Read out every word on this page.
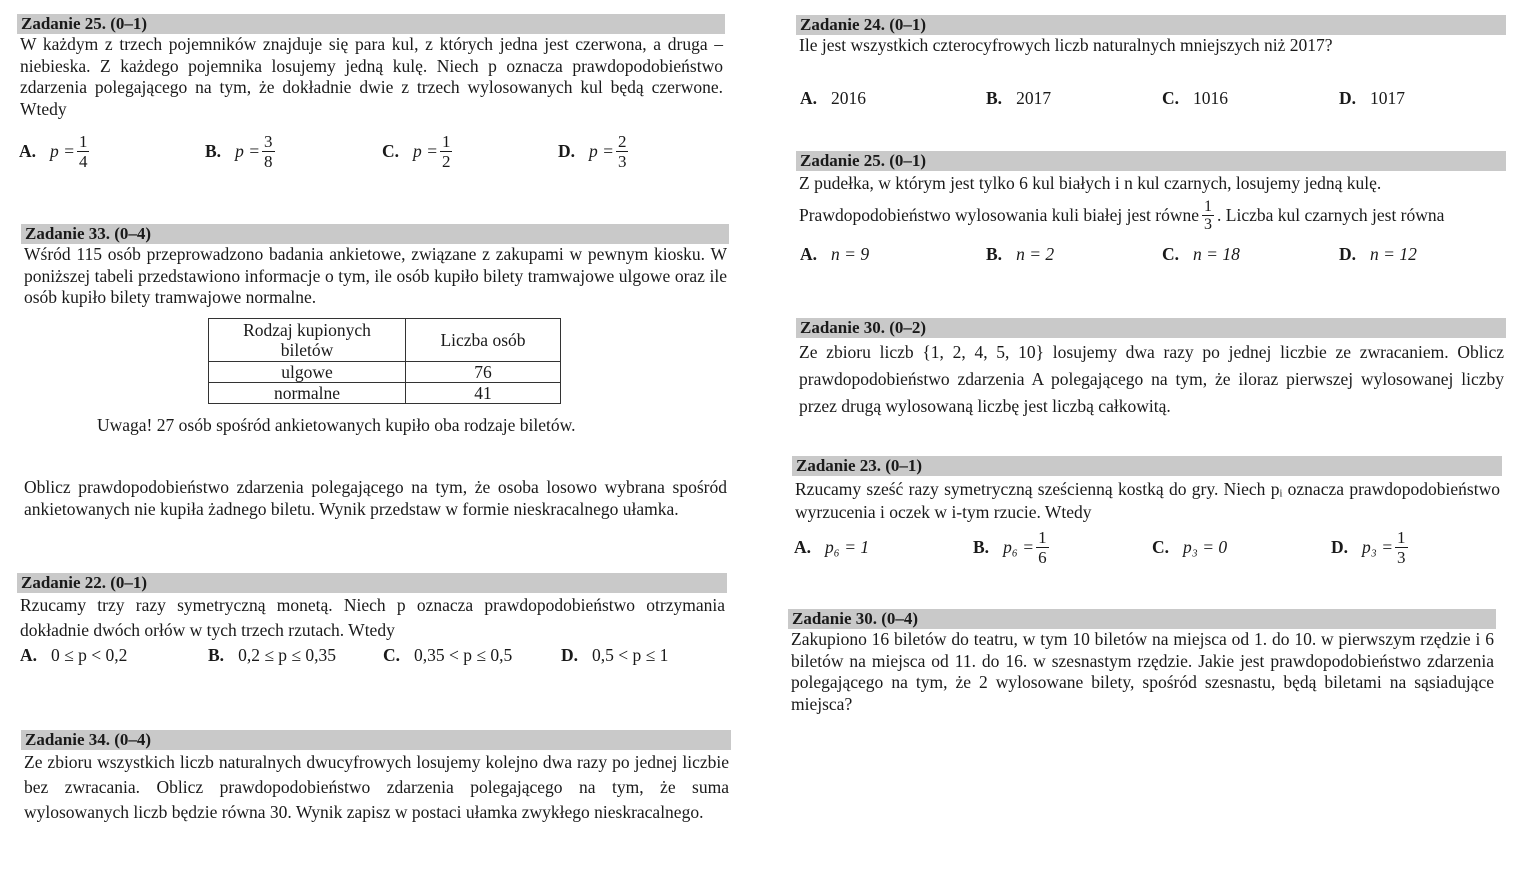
Zadanie 25. (0–1)
W każdym z trzech pojemników znajduje się para kul, z których jedna jest czerwona, a druga – niebieska. Z każdego pojemnika losujemy jedną kulę. Niech p oznacza prawdopodobieństwo zdarzenia polegającego na tym, że dokładnie dwie z trzech wylosowanych kul będą czerwone. Wtedy
A. $p = \frac{1}{4}$	B. $p = \frac{3}{8}$	C. $p = \frac{1}{2}$	D. $p = \frac{2}{3}$
Zadanie 33. (0–4)
Wśród 115 osób przeprowadzono badania ankietowe, związane z zakupami w pewnym kiosku. W poniższej tabeli przedstawiono informacje o tym, ile osób kupiło bilety tramwajowe ulgowe oraz ile osób kupiło bilety tramwajowe normalne.
Rodzaj kupionych biletów	Liczba osób
ulgowe	76
normalne	41
Uwaga! 27 osób spośród ankietowanych kupiło oba rodzaje biletów.
Oblicz prawdopodobieństwo zdarzenia polegającego na tym, że osoba losowo wybrana spośród ankietowanych nie kupiła żadnego biletu. Wynik przedstaw w formie nieskracalnego ułamka.
Zadanie 22. (0–1)
Rzucamy trzy razy symetryczną monetą. Niech p oznacza prawdopodobieństwo otrzymania dokładnie dwóch orłów w tych trzech rzutach. Wtedy
A. 0 ≤ p < 0,2	B. 0,2 ≤ p ≤ 0,35	C. 0,35 < p ≤ 0,5	D. 0,5 < p ≤ 1
Zadanie 34. (0–4)
Ze zbioru wszystkich liczb naturalnych dwucyfrowych losujemy kolejno dwa razy po jednej liczbie bez zwracania. Oblicz prawdopodobieństwo zdarzenia polegającego na tym, że suma wylosowanych liczb będzie równa 30. Wynik zapisz w postaci ułamka zwykłego nieskracalnego.
Zadanie 24. (0–1)
Ile jest wszystkich czterocyfrowych liczb naturalnych mniejszych niż 2017?
A. 2016	B. 2017	C. 1016	D. 1017
Zadanie 25. (0–1)
Z pudełka, w którym jest tylko 6 kul białych i n kul czarnych, losujemy jedną kulę.
Prawdopodobieństwo wylosowania kuli białej jest równe $\frac{1}{3}$ . Liczba kul czarnych jest równa
A. n = 9	B. n = 2	C. n = 18	D. n = 12
Zadanie 30. (0–2)
Ze zbioru liczb {1, 2, 4, 5, 10} losujemy dwa razy po jednej liczbie ze zwracaniem. Oblicz prawdopodobieństwo zdarzenia A polegającego na tym, że iloraz pierwszej wylosowanej liczby przez drugą wylosowaną liczbę jest liczbą całkowitą.
Zadanie 23. (0–1)
Rzucamy sześć razy symetryczną sześcienną kostką do gry. Niech pᵢ oznacza prawdopodobieństwo wyrzucenia i oczek w i-tym rzucie. Wtedy
A. p₆ = 1	B. $p_6 = \frac{1}{6}$	C. p₃ = 0	D. $p_3 = \frac{1}{3}$
Zadanie 30. (0–4)
Zakupiono 16 biletów do teatru, w tym 10 biletów na miejsca od 1. do 10. w pierwszym rzędzie i 6 biletów na miejsca od 11. do 16. w szesnastym rzędzie. Jakie jest prawdopodobieństwo zdarzenia polegającego na tym, że 2 wylosowane bilety, spośród szesnastu, będą biletami na sąsiadujące miejsca?
